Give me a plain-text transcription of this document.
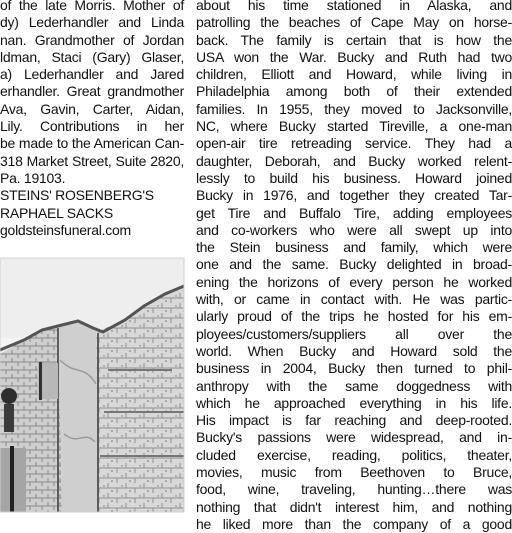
of the late Morris. Mother of
dy) Lederhandler and Linda
nan. Grandmother of Jordan
ldman, Staci (Gary) Glaser,
a) Lederhandler and Jared
erhandler. Great grandmother
Ava, Gavin, Carter, Aidan,
Lily. Contributions in her
be made to the American Can-
318 Market Street, Suite 2820,
Pa. 19103.
STEINS' ROSENBERG'S
RAPHAEL SACKS
goldsteinsfuneral.com
about his time stationed in Alaska, and
patrolling the beaches of Cape May on horse-
back. The family is certain that is how the
USA won the War. Bucky and Ruth had two
children, Elliott and Howard, while living in
Philadelphia among both of their extended
families. In 1955, they moved to Jacksonville,
NC, where Bucky started Tireville, a one-man
open-air tire retreading service. They had a
daughter, Deborah, and Bucky worked relent-
lessly to build his business. Howard joined
Bucky in 1976, and together they created Tar-
get Tire and Buffalo Tire, adding employees
and co-workers who were all swept up into
the Stein business and family, which were
one and the same. Bucky delighted in broad-
ening the horizons of every person he worked
with, or came in contact with. He was partic-
ularly proud of the trips he hosted for his em-
ployees/customers/suppliers all over the
world. When Bucky and Howard sold the
business in 2004, Bucky then turned to phil-
anthropy with the same doggedness with
which he approached everything in his life.
His impact is far reaching and deep-rooted.
Bucky's passions were widespread, and in-
cluded exercise, reading, politics, theater,
movies, music from Beethoven to Bruce,
food, wine, traveling, hunting…there was
nothing that didn't interest him, and nothing
he liked more than the company of a good
